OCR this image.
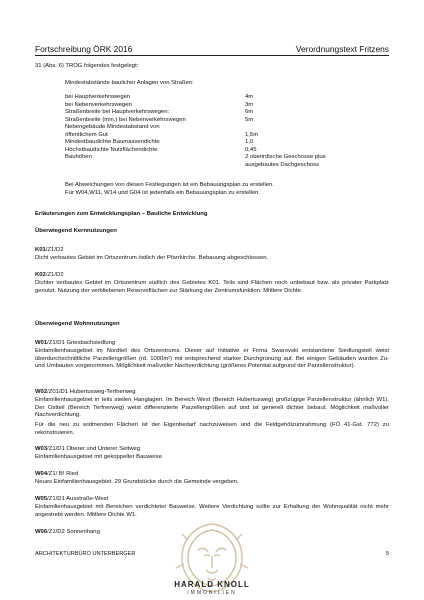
Fortschreibung ÖRK 2016	Verordnungstext Fritzens
31 (Abs. 6) TROG folgendes festgelegt:
Mindestabstände baulicher Anlagen von Straßen:
bei Hauptverkehrswegen	4m
bei Nebenverkehrswegen	3m
Straßenbreite bei Hauptverkehrswegen:	6m
Straßenbreite (min.) bei Nebenverkehrswegen	5m
Nebengebäude Mindestabstand von
öffentlichem Gut	1,5m
Mindestbaudichte Baumassendichte	1,0
Höchstbaudichte Nutzflächendichte	0,45
Bauhöhen	2 oberirdische Geschosse plus
ausgebautes Dachgeschoss
Bei Abweichungen von diesen Festlegungen ist ein Bebauungsplan zu erstellen.
Für W04,W11, W14 und G04 ist jedenfalls ein Bebauungsplan zu erstellen.
Erläuterungen zum Entwicklungsplan – Bauliche Entwicklung
Überwiegend Kernnutzungen
K01/Z1/D2
Dicht verbautes Gebiet im Ortszentrum östlich der Pfarrkirche. Bebauung abgeschlossen.
K02/Z1/D2
Dichter verbautes Gebiet im Ortszentrum südlich des Gebietes K01. Teils sind Flächen noch unbebaut bzw. als privater Parkplatz genutzt. Nutzung der verbliebenen Reserveflächen zur Stärkung der Zentrumsfunktion. Mittlere Dichte.
Überwiegend Wohnnutzungen
W01/Z1/D1 Griesbachsiedlung
Einfamilienhausgebiet im Nordteil des Ortszentrums. Dieser auf Initiative er Firma Swarovski entstandene Siedlungsteil weist überdurchschnittliche Parzellengrößen (rd. 1000m²) mit entsprechend starker Durchgrünung auf. Bei einigen Gebäuden wurden Zu- und Umbauten vorgenommen. Möglichkeit maßvoller Nachverdichtung (größeres Potential aufgrund der Parzellenstruktur).
W02/Z01/D1 Hubertusweg-Terfnerweg
Einfamilienhausgebiet in teils steilen Hanglagen. Im Bereich West (Bereich Hubertusweg) großzügige Parzellenstruktur (ähnlich W1). Der Ostteil (Bereich Terfnerweg) weist differenzierte Parzellengrößen auf und ist generell dichter bebaut. Möglichkeit maßvoller Nachverdichtung.
Für die neu zu widmenden Flächen ist der Eigenbedarf nachzuweisen und die Feldgehölzumrahmung (FÖ 41-Gst. 772) zu rekonstruieren.
W03/Z1/D1 Oberer und Unterer Seitweg
Einfamilienhausgebiet mit gekoppelter Bauweise.
W04/Z1/ B! Ried
Neues Einfamilienhausgebiet. 29 Grundstücke durch die Gemeinde vergeben.
W05/Z1/D1 Ausstraße-West
Einfamilienhausgebiet mit Bereichen verdichteter Bauweise. Weitere Verdichtung sollte zur Erhaltung der Wohnqualität nicht mehr angestrebt werden. Mittlere Dichte W1.
W06/Z1/D2 Sonnenhang
ARCHITEKTURBÜRO UNTERBERGER	5
HARALD KNOLL
IMMOBILIEN
